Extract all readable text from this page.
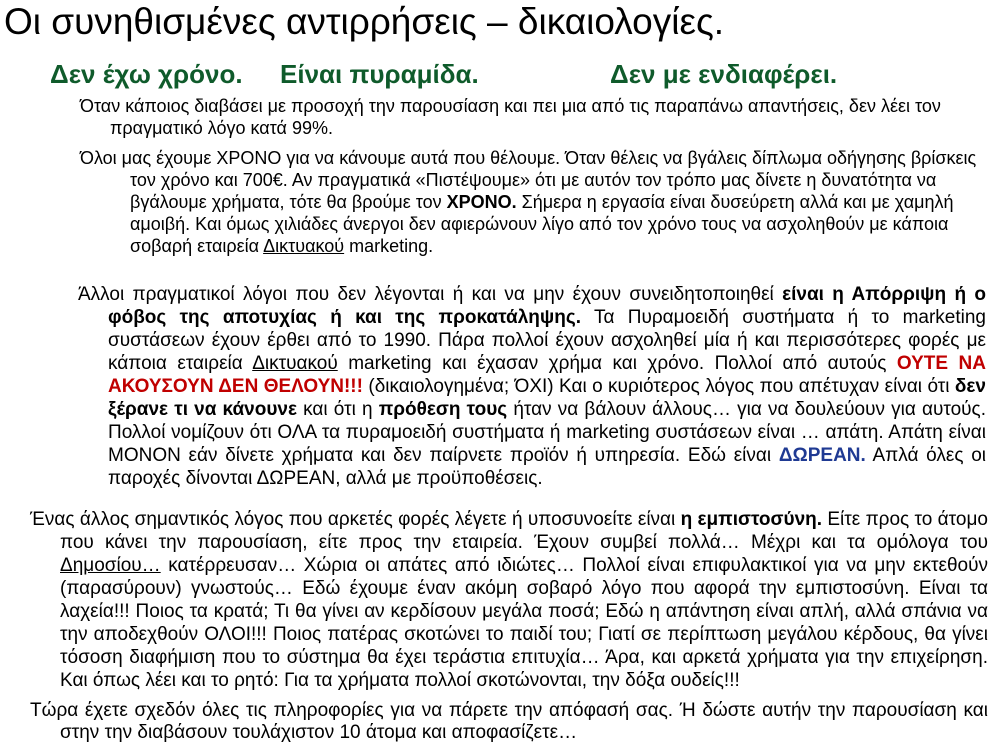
Οι συνηθισμένες αντιρρήσεις – δικαιολογίες.
Δεν έχω χρόνο. Είναι πυραμίδα.	Δεν με ενδιαφέρει.
Όταν κάποιος διαβάσει με προσοχή την παρουσίαση και πει μια από τις παραπάνω απαντήσεις, δεν λέει τον πραγματικό λόγο κατά 99%.
Όλοι μας έχουμε ΧΡΟΝΟ για να κάνουμε αυτά που θέλουμε. Όταν θέλεις να βγάλεις δίπλωμα οδήγησης βρίσκεις τον χρόνο και 700€. Αν πραγματικά «Πιστέψουμε» ότι με αυτόν τον τρόπο μας δίνετε η δυνατότητα να βγάλουμε χρήματα, τότε θα βρούμε τον ΧΡΟΝΟ. Σήμερα η εργασία είναι δυσεύρετη αλλά και με χαμηλή αμοιβή. Και όμως χιλιάδες άνεργοι δεν αφιερώνουν λίγο από τον χρόνο τους να ασχοληθούν με κάποια σοβαρή εταιρεία Δικτυακού marketing.
Άλλοι πραγματικοί λόγοι που δεν λέγονται ή και να μην έχουν συνειδητοποιηθεί είναι η Απόρριψη ή ο φόβος της αποτυχίας ή και της προκατάληψης. Τα Πυραμοειδή συστήματα ή το marketing συστάσεων έχουν έρθει από το 1990. Πάρα πολλοί έχουν ασχοληθεί μία ή και περισσότερες φορές με κάποια εταιρεία Δικτυακού marketing και έχασαν χρήμα και χρόνο. Πολλοί από αυτούς ΟΥΤΕ ΝΑ ΑΚΟΥΣΟΥΝ ΔΕΝ ΘΕΛΟΥΝ!!! (δικαιολογημένα; ΌΧΙ) Και ο κυριότερος λόγος που απέτυχαν είναι ότι δεν ξέρανε τι να κάνουνε και ότι η πρόθεση τους ήταν να βάλουν άλλους… για να δουλεύουν για αυτούς. Πολλοί νομίζουν ότι ΟΛΑ τα πυραμοειδή συστήματα ή marketing συστάσεων είναι … απάτη. Απάτη είναι ΜΟΝΟΝ εάν δίνετε χρήματα και δεν παίρνετε προϊόν ή υπηρεσία. Εδώ είναι ΔΩΡΕΑΝ. Απλά όλες οι παροχές δίνονται ΔΩΡΕΑΝ, αλλά με προϋποθέσεις.
Ένας άλλος σημαντικός λόγος που αρκετές φορές λέγετε ή υποσυνοείτε είναι η εμπιστοσύνη. Είτε προς το άτομο που κάνει την παρουσίαση, είτε προς την εταιρεία. Έχουν συμβεί πολλά… Μέχρι και τα ομόλογα του Δημοσίου… κατέρρευσαν… Χώρια οι απάτες από ιδιώτες… Πολλοί είναι επιφυλακτικοί για να μην εκτεθούν (παρασύρουν) γνωστούς… Εδώ έχουμε έναν ακόμη σοβαρό λόγο που αφορά την εμπιστοσύνη. Είναι τα λαχεία!!! Ποιος τα κρατά; Τι θα γίνει αν κερδίσουν μεγάλα ποσά; Εδώ η απάντηση είναι απλή, αλλά σπάνια να την αποδεχθούν ΟΛΟΙ!!! Ποιος πατέρας σκοτώνει το παιδί του; Γιατί σε περίπτωση μεγάλου κέρδους, θα γίνει τόσοση διαφήμιση που το σύστημα θα έχει τεράστια επιτυχία… Άρα, και αρκετά χρήματα για την επιχείρηση. Και όπως λέει και το ρητό: Για τα χρήματα πολλοί σκοτώνονται, την δόξα ουδείς!!!
Τώρα έχετε σχεδόν όλες τις πληροφορίες για να πάρετε την απόφασή σας. Ή δώστε αυτήν την παρουσίαση και στην την διαβάσουν τουλάχιστον 10 άτομα και αποφασίζετε…
